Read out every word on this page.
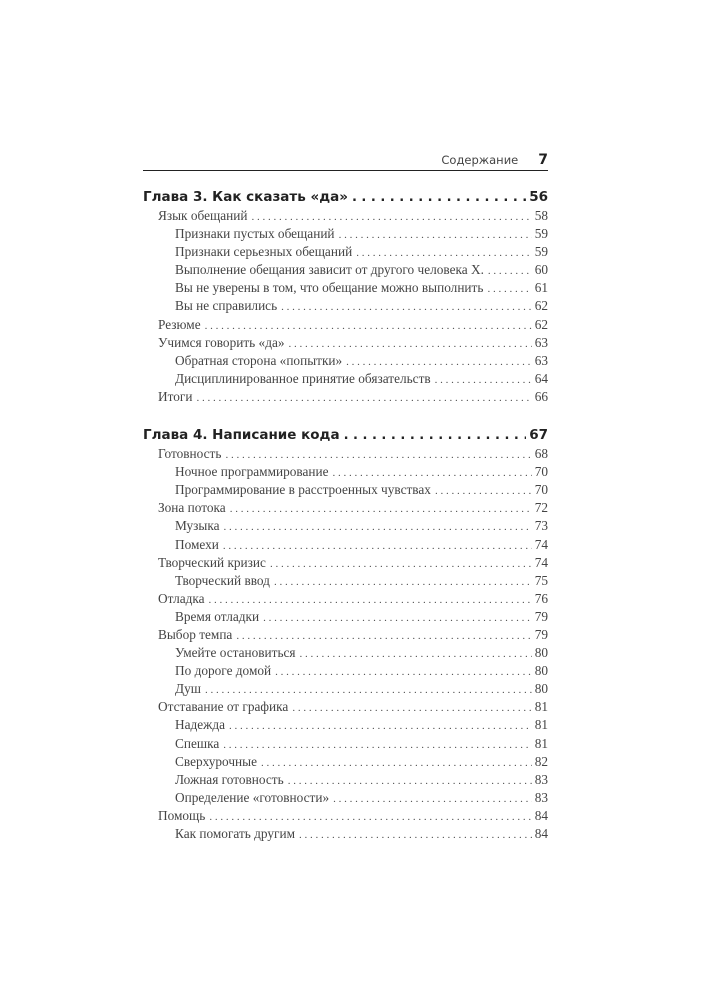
Содержание 7
Глава 3. Как сказать «да» . . .	56
Язык обещаний . . .	58
Признаки пустых обещаний . . .	59
Признаки серьезных обещаний . . .	59
Выполнение обещания зависит от другого человека X. . . .	60
Вы не уверены в том, что обещание можно выполнить . . .	61
Вы не справились . . .	62
Резюме . . .	62
Учимся говорить «да» . . .	63
Обратная сторона «попытки» . . .	63
Дисциплинированное принятие обязательств . . .	64
Итоги . . .	66
Глава 4. Написание кода . . .	67
Готовность . . .	68
Ночное программирование . . .	70
Программирование в расстроенных чувствах . . .	70
Зона потока . . .	72
Музыка . . .	73
Помехи . . .	74
Творческий кризис . . .	74
Творческий ввод . . .	75
Отладка . . .	76
Время отладки . . .	79
Выбор темпа . . .	79
Умейте остановиться . . .	80
По дороге домой . . .	80
Душ . . .	80
Отставание от графика . . .	81
Надежда . . .	81
Спешка . . .	81
Сверхурочные . . .	82
Ложная готовность . . .	83
Определение «готовности» . . .	83
Помощь . . .	84
Как помогать другим . . .	84
